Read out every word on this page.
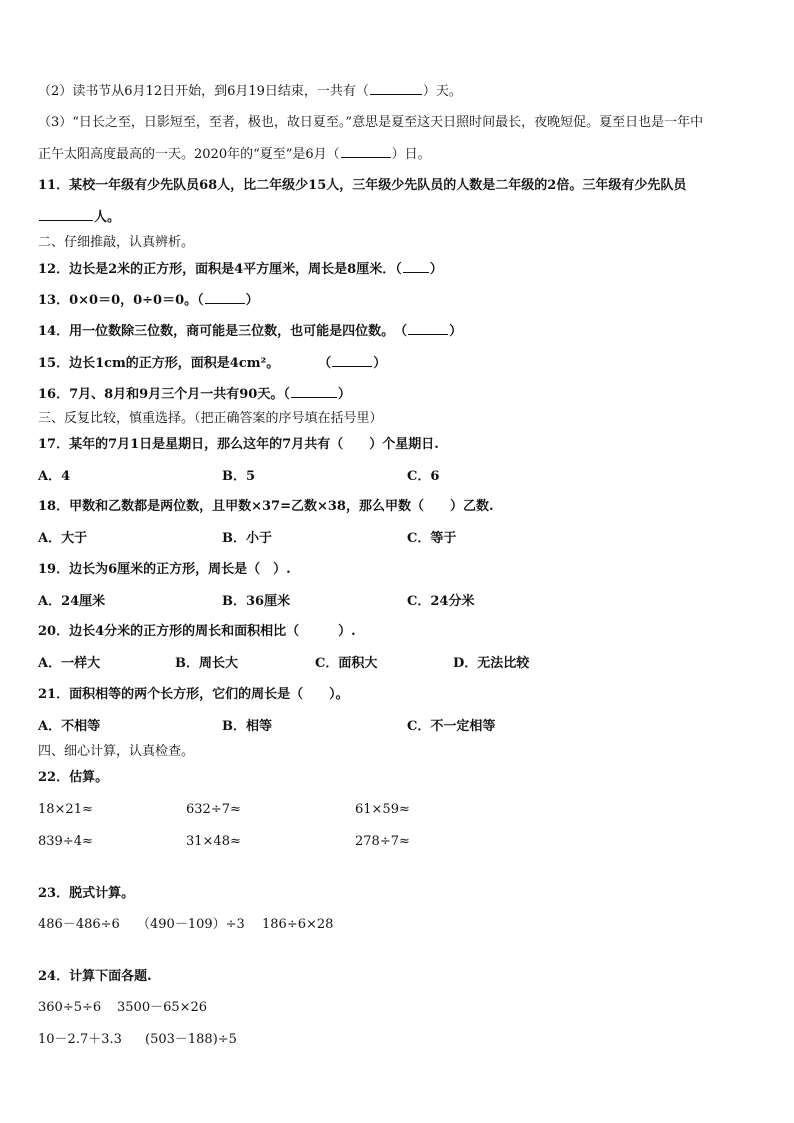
（2）读书节从6月12日开始，到6月19日结束，一共有（	）天。
（3）“日长之至，日影短至，至者，极也，故日夏至。”意思是夏至这天日照时间最长，夜晚短促。夏至日也是一年中
正午太阳高度最高的一天。2020年的“夏至”是6月（	）日。
11．某校一年级有少先队员68人，比二年级少15人，三年级少先队员的人数是二年级的2倍。三年级有少先队员
人。
二、仔细推敲，认真辨析。
12．边长是2米的正方形，面积是4平方厘米，周长是8厘米．（ ）
13．0×0＝0，0÷0＝0。（	）
14．用一位数除三位数，商可能是三位数，也可能是四位数。　（	）
15．边长1cm的正方形，面积是4cm²。　　　　（	）
16．7月、8月和9月三个月一共有90天。（	）
三、反复比较，慎重选择。（把正确答案的序号填在括号里）
17．某年的7月1日是星期日，那么这年的7月共有（　　）个星期日.
A．4	B．5	C．6
18．甲数和乙数都是两位数，且甲数×37=乙数×38，那么甲数（　　）乙数.
A．大于	B．小于	C．等于
19．边长为6厘米的正方形，周长是（　）.
A．24厘米	B．36厘米	C．24分米
20．边长4分米的正方形的周长和面积相比（　　　）.
A．一样大	B．周长大	C．面积大	D．无法比较
21．面积相等的两个长方形，它们的周长是（　　）。
A．不相等	B．相等	C．不一定相等
四、细心计算，认真检查。
22．估算。
18×21≈	632÷7≈	61×59≈
839÷4≈	31×48≈	278÷7≈
23．脱式计算。
486－486÷6 （490－109）÷3 186÷6×28
24．计算下面各题.
360÷5÷6 3500－65×26
10－2.7＋3.3 (503－188)÷5
